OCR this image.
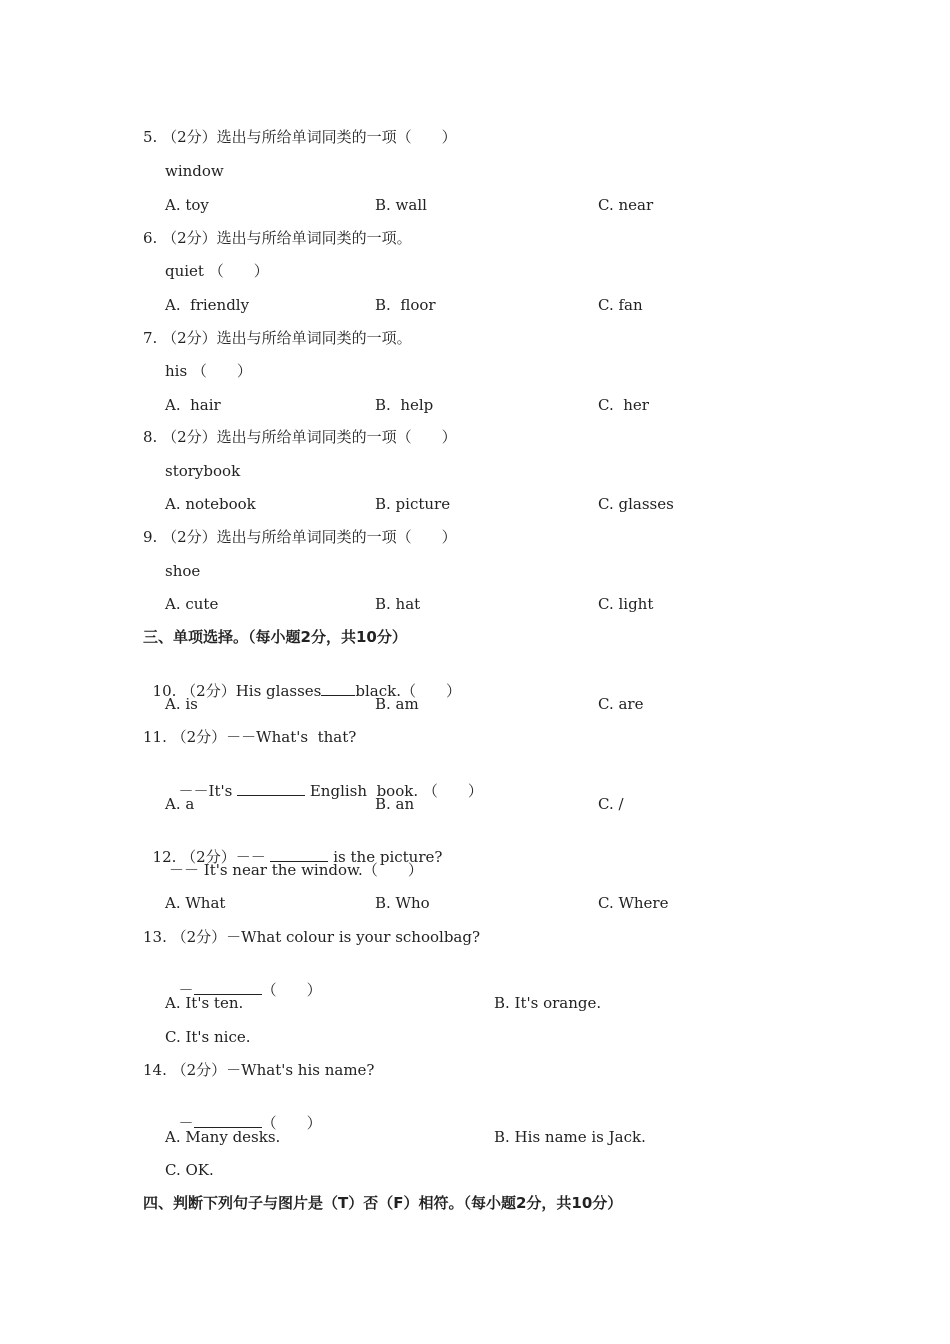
5. （2分）选出与所给单词同类的一项（　　）
window
A. toy	B. wall	C. near
6. （2分）选出与所给单词同类的一项。
quiet （　　）
A.  friendly	B.  floor	C. fan
7. （2分）选出与所给单词同类的一项。
his （　　）
A.  hair	B.  help	C.  her
8. （2分）选出与所给单词同类的一项（　　）
storybook
A. notebook	B. picture	C. glasses
9. （2分）选出与所给单词同类的一项（　　）
shoe
A. cute	B. hat	C. light
三、单项选择。（每小题2分，共10分）

10. （2分）His glasses black.（　　）

A. is	B. am	C. are
11. （2分）－－What's  that?

－－It's	English  book. （　　）

A. a	B. an	C. /

12. （2分）－－	is the picture?

－－ It's near the window.（　　）
A. What	B. Who	C. Where
13. （2分）－What colour is your schoolbag?

－	（　　）

A. It's ten.	B. It's orange.
C. It's nice.
14. （2分）－What's his name?

－	（　　）

A. Many desks.	B. His name is Jack.
C. OK.
四、判断下列句子与图片是（T）否（F）相符。（每小题2分，共10分）
